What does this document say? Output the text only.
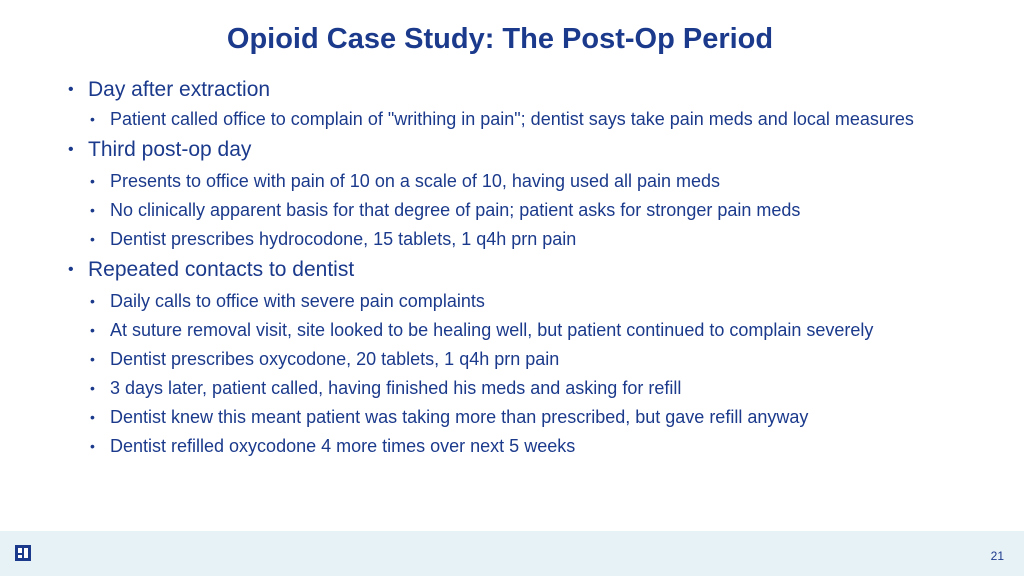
Opioid Case Study: The Post-Op Period
• Day after extraction
• Patient called office to complain of "writhing in pain"; dentist says take pain meds and local measures
• Third post-op day
• Presents to office with pain of 10 on a scale of 10, having used all pain meds
• No clinically apparent basis for that degree of pain; patient asks for stronger pain meds
• Dentist prescribes hydrocodone, 15 tablets, 1 q4h prn pain
• Repeated contacts to dentist
• Daily calls to office with severe pain complaints
• At suture removal visit, site looked to be healing well, but patient continued to complain severely
• Dentist prescribes oxycodone, 20 tablets, 1 q4h prn pain
• 3 days later, patient called, having finished his meds and asking for refill
• Dentist knew this meant patient was taking more than prescribed, but gave refill anyway
• Dentist refilled oxycodone 4 more times over next 5 weeks
21
